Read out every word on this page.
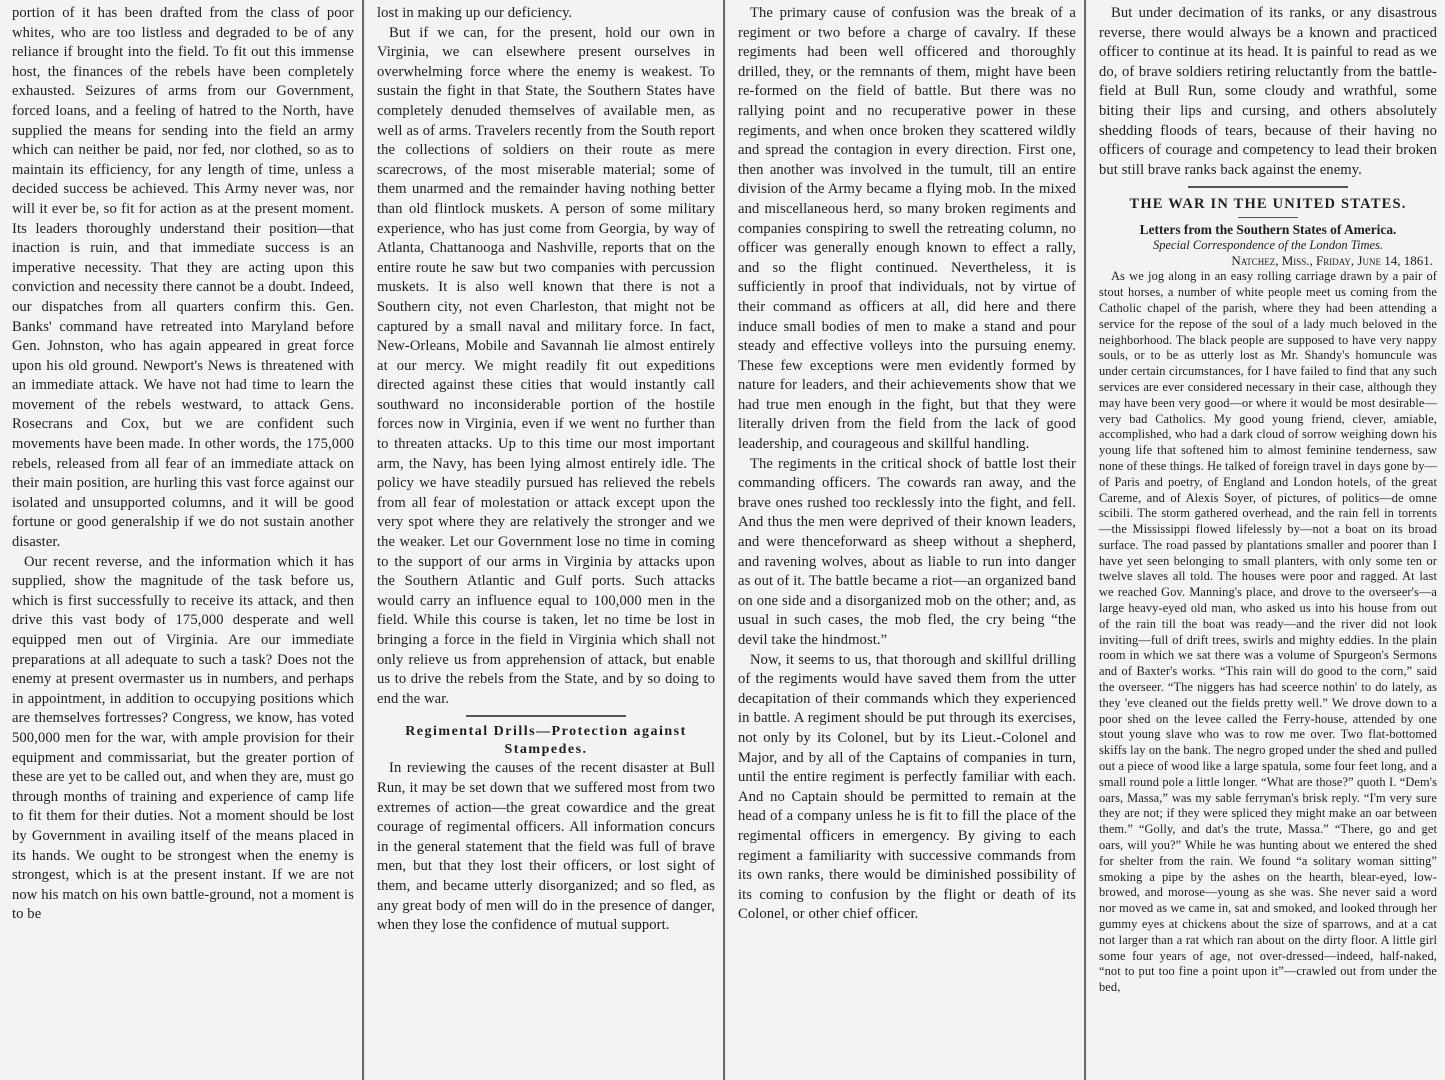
portion of it has been drafted from the class of poor whites, who are too listless and degraded to be of any reliance if brought into the field. To fit out this immense host, the finances of the rebels have been completely exhausted. Seizures of arms from our Government, forced loans, and a feeling of hatred to the North, have supplied the means for sending into the field an army which can neither be paid, nor fed, nor clothed, so as to maintain its efficiency, for any length of time, unless a decided success be achieved. This Army never was, nor will it ever be, so fit for action as at the present moment. Its leaders thoroughly understand their position—that inaction is ruin, and that immediate success is an imperative necessity. That they are acting upon this conviction and necessity there cannot be a doubt. Indeed, our dispatches from all quarters confirm this. Gen. Banks' command have retreated into Maryland before Gen. Johnston, who has again appeared in great force upon his old ground. Newport's News is threatened with an immediate attack. We have not had time to learn the movement of the rebels westward, to attack Gens. Rosecrans and Cox, but we are confident such movements have been made. In other words, the 175,000 rebels, released from all fear of an immediate attack on their main position, are hurling this vast force against our isolated and unsupported columns, and it will be good fortune or good generalship if we do not sustain another disaster.

Our recent reverse, and the information which it has supplied, show the magnitude of the task before us, which is first successfully to receive its attack, and then drive this vast body of 175,000 desperate and well equipped men out of Virginia. Are our immediate preparations at all adequate to such a task? Does not the enemy at present overmaster us in numbers, and perhaps in appointment, in addition to occupying positions which are themselves fortresses? Congress, we know, has voted 500,000 men for the war, with ample provision for their equipment and commissariat, but the greater portion of these are yet to be called out, and when they are, must go through months of training and experience of camp life to fit them for their duties. Not a moment should be lost by Government in availing itself of the means placed in its hands. We ought to be strongest when the enemy is strongest, which is at the present instant. If we are not now his match on his own battle-ground, not a moment is to be

lost in making up our deficiency.

But if we can, for the present, hold our own in Virginia, we can elsewhere present ourselves in overwhelming force where the enemy is weakest. To sustain the fight in that State, the Southern States have completely denuded themselves of available men, as well as of arms. Travelers recently from the South report the collections of soldiers on their route as mere scarecrows, of the most miserable material; some of them unarmed and the remainder having nothing better than old flintlock muskets. A person of some military experience, who has just come from Georgia, by way of Atlanta, Chattanooga and Nashville, reports that on the entire route he saw but two companies with percussion muskets. It is also well known that there is not a Southern city, not even Charleston, that might not be captured by a small naval and military force. In fact, New-Orleans, Mobile and Savannah lie almost entirely at our mercy. We might readily fit out expeditions directed against these cities that would instantly call southward no inconsiderable portion of the hostile forces now in Virginia, even if we went no further than to threaten attacks. Up to this time our most important arm, the Navy, has been lying almost entirely idle. The policy we have steadily pursued has relieved the rebels from all fear of molestation or attack except upon the very spot where they are relatively the stronger and we the weaker. Let our Government lose no time in coming to the support of our arms in Virginia by attacks upon the Southern Atlantic and Gulf ports. Such attacks would carry an influence equal to 100,000 men in the field. While this course is taken, let no time be lost in bringing a force in the field in Virginia which shall not only relieve us from apprehension of attack, but enable us to drive the rebels from the State, and by so doing to end the war.

Regimental Drills—Protection against Stampedes.

In reviewing the causes of the recent disaster at Bull Run, it may be set down that we suffered most from two extremes of action—the great cowardice and the great courage of regimental officers. All information concurs in the general statement that the field was full of brave men, but that they lost their officers, or lost sight of them, and became utterly disorganized; and so fled, as any great body of men will do in the presence of danger, when they lose the confidence of mutual support.

The primary cause of confusion was the break of a regiment or two before a charge of cavalry. If these regiments had been well officered and thoroughly drilled, they, or the remnants of them, might have been re-formed on the field of battle. But there was no rallying point and no recuperative power in these regiments, and when once broken they scattered wildly and spread the contagion in every direction. First one, then another was involved in the tumult, till an entire division of the Army became a flying mob. In the mixed and miscellaneous herd, so many broken regiments and companies conspiring to swell the retreating column, no officer was generally enough known to effect a rally, and so the flight continued. Nevertheless, it is sufficiently in proof that individuals, not by virtue of their command as officers at all, did here and there induce small bodies of men to make a stand and pour steady and effective volleys into the pursuing enemy. These few exceptions were men evidently formed by nature for leaders, and their achievements show that we had true men enough in the fight, but that they were literally driven from the field from the lack of good leadership, and courageous and skillful handling.

The regiments in the critical shock of battle lost their commanding officers. The cowards ran away, and the brave ones rushed too recklessly into the fight, and fell. And thus the men were deprived of their known leaders, and were thenceforward as sheep without a shepherd, and ravening wolves, about as liable to run into danger as out of it. The battle became a riot—an organized band on one side and a disorganized mob on the other; and, as usual in such cases, the mob fled, the cry being “the devil take the hindmost.”

Now, it seems to us, that thorough and skillful drilling of the regiments would have saved them from the utter decapitation of their commands which they experienced in battle. A regiment should be put through its exercises, not only by its Colonel, but by its Lieut.-Colonel and Major, and by all of the Captains of companies in turn, until the entire regiment is perfectly familiar with each. And no Captain should be permitted to remain at the head of a company unless he is fit to fill the place of the regimental officers in emergency. By giving to each regiment a familiarity with successive commands from its own ranks, there would be diminished possibility of its coming to confusion by the flight or death of its Colonel, or other chief officer.

But under decimation of its ranks, or any disastrous reverse, there would always be a known and practiced officer to continue at its head. It is painful to read as we do, of brave soldiers retiring reluctantly from the battle-field at Bull Run, some cloudy and wrathful, some biting their lips and cursing, and others absolutely shedding floods of tears, because of their having no officers of courage and competency to lead their broken but still brave ranks back against the enemy.

THE WAR IN THE UNITED STATES.
Letters from the Southern States of America.
Special Correspondence of the London Times.
Natchez, Miss., Friday, June 14, 1861.

As we jog along in an easy rolling carriage drawn by a pair of stout horses, a number of white people meet us coming from the Catholic chapel of the parish, where they had been attending a service for the repose of the soul of a lady much beloved in the neighborhood. The black people are supposed to have very nappy souls, or to be as utterly lost as Mr. Shandy's homuncule was under certain circumstances, for I have failed to find that any such services are ever considered necessary in their case, although they may have been very good—or where it would be most desirable—very bad Catholics. My good young friend, clever, amiable, accomplished, who had a dark cloud of sorrow weighing down his young life that softened him to almost feminine tenderness, saw none of these things. He talked of foreign travel in days gone by—of Paris and poetry, of England and London hotels, of the great Careme, and of Alexis Soyer, of pictures, of politics—de omne scibili. The storm gathered overhead, and the rain fell in torrents—the Mississippi flowed lifelessly by—not a boat on its broad surface. The road passed by plantations smaller and poorer than I have yet seen belonging to small planters, with only some ten or twelve slaves all told. The houses were poor and ragged. At last we reached Gov. Manning's place, and drove to the overseer's—a large heavy-eyed old man, who asked us into his house from out of the rain till the boat was ready—and the river did not look inviting—full of drift trees, swirls and mighty eddies. In the plain room in which we sat there was a volume of Spurgeon's Sermons and of Baxter's works. “This rain will do good to the corn,” said the overseer. “The niggers has had sceerce nothin' to do lately, as they 'eve cleaned out the fields pretty well.” We drove down to a poor shed on the levee called the Ferry-house, attended by one stout young slave who was to row me over. Two flat-bottomed skiffs lay on the bank. The negro groped under the shed and pulled out a piece of wood like a large spatula, some four feet long, and a small round pole a little longer. “What are those?” quoth I. “Dem's oars, Massa,” was my sable ferryman's brisk reply. “I'm very sure they are not; if they were spliced they might make an oar between them.” “Golly, and dat's the trute, Massa.” “There, go and get oars, will you?” While he was hunting about we entered the shed for shelter from the rain. We found “a solitary woman sitting” smoking a pipe by the ashes on the hearth, blear-eyed, low-browed, and morose—young as she was. She never said a word nor moved as we came in, sat and smoked, and looked through her gummy eyes at chickens about the size of sparrows, and at a cat not larger than a rat which ran about on the dirty floor. A little girl some four years of age, not over-dressed—indeed, half-naked, “not to put too fine a point upon it”—crawled out from under the bed,
